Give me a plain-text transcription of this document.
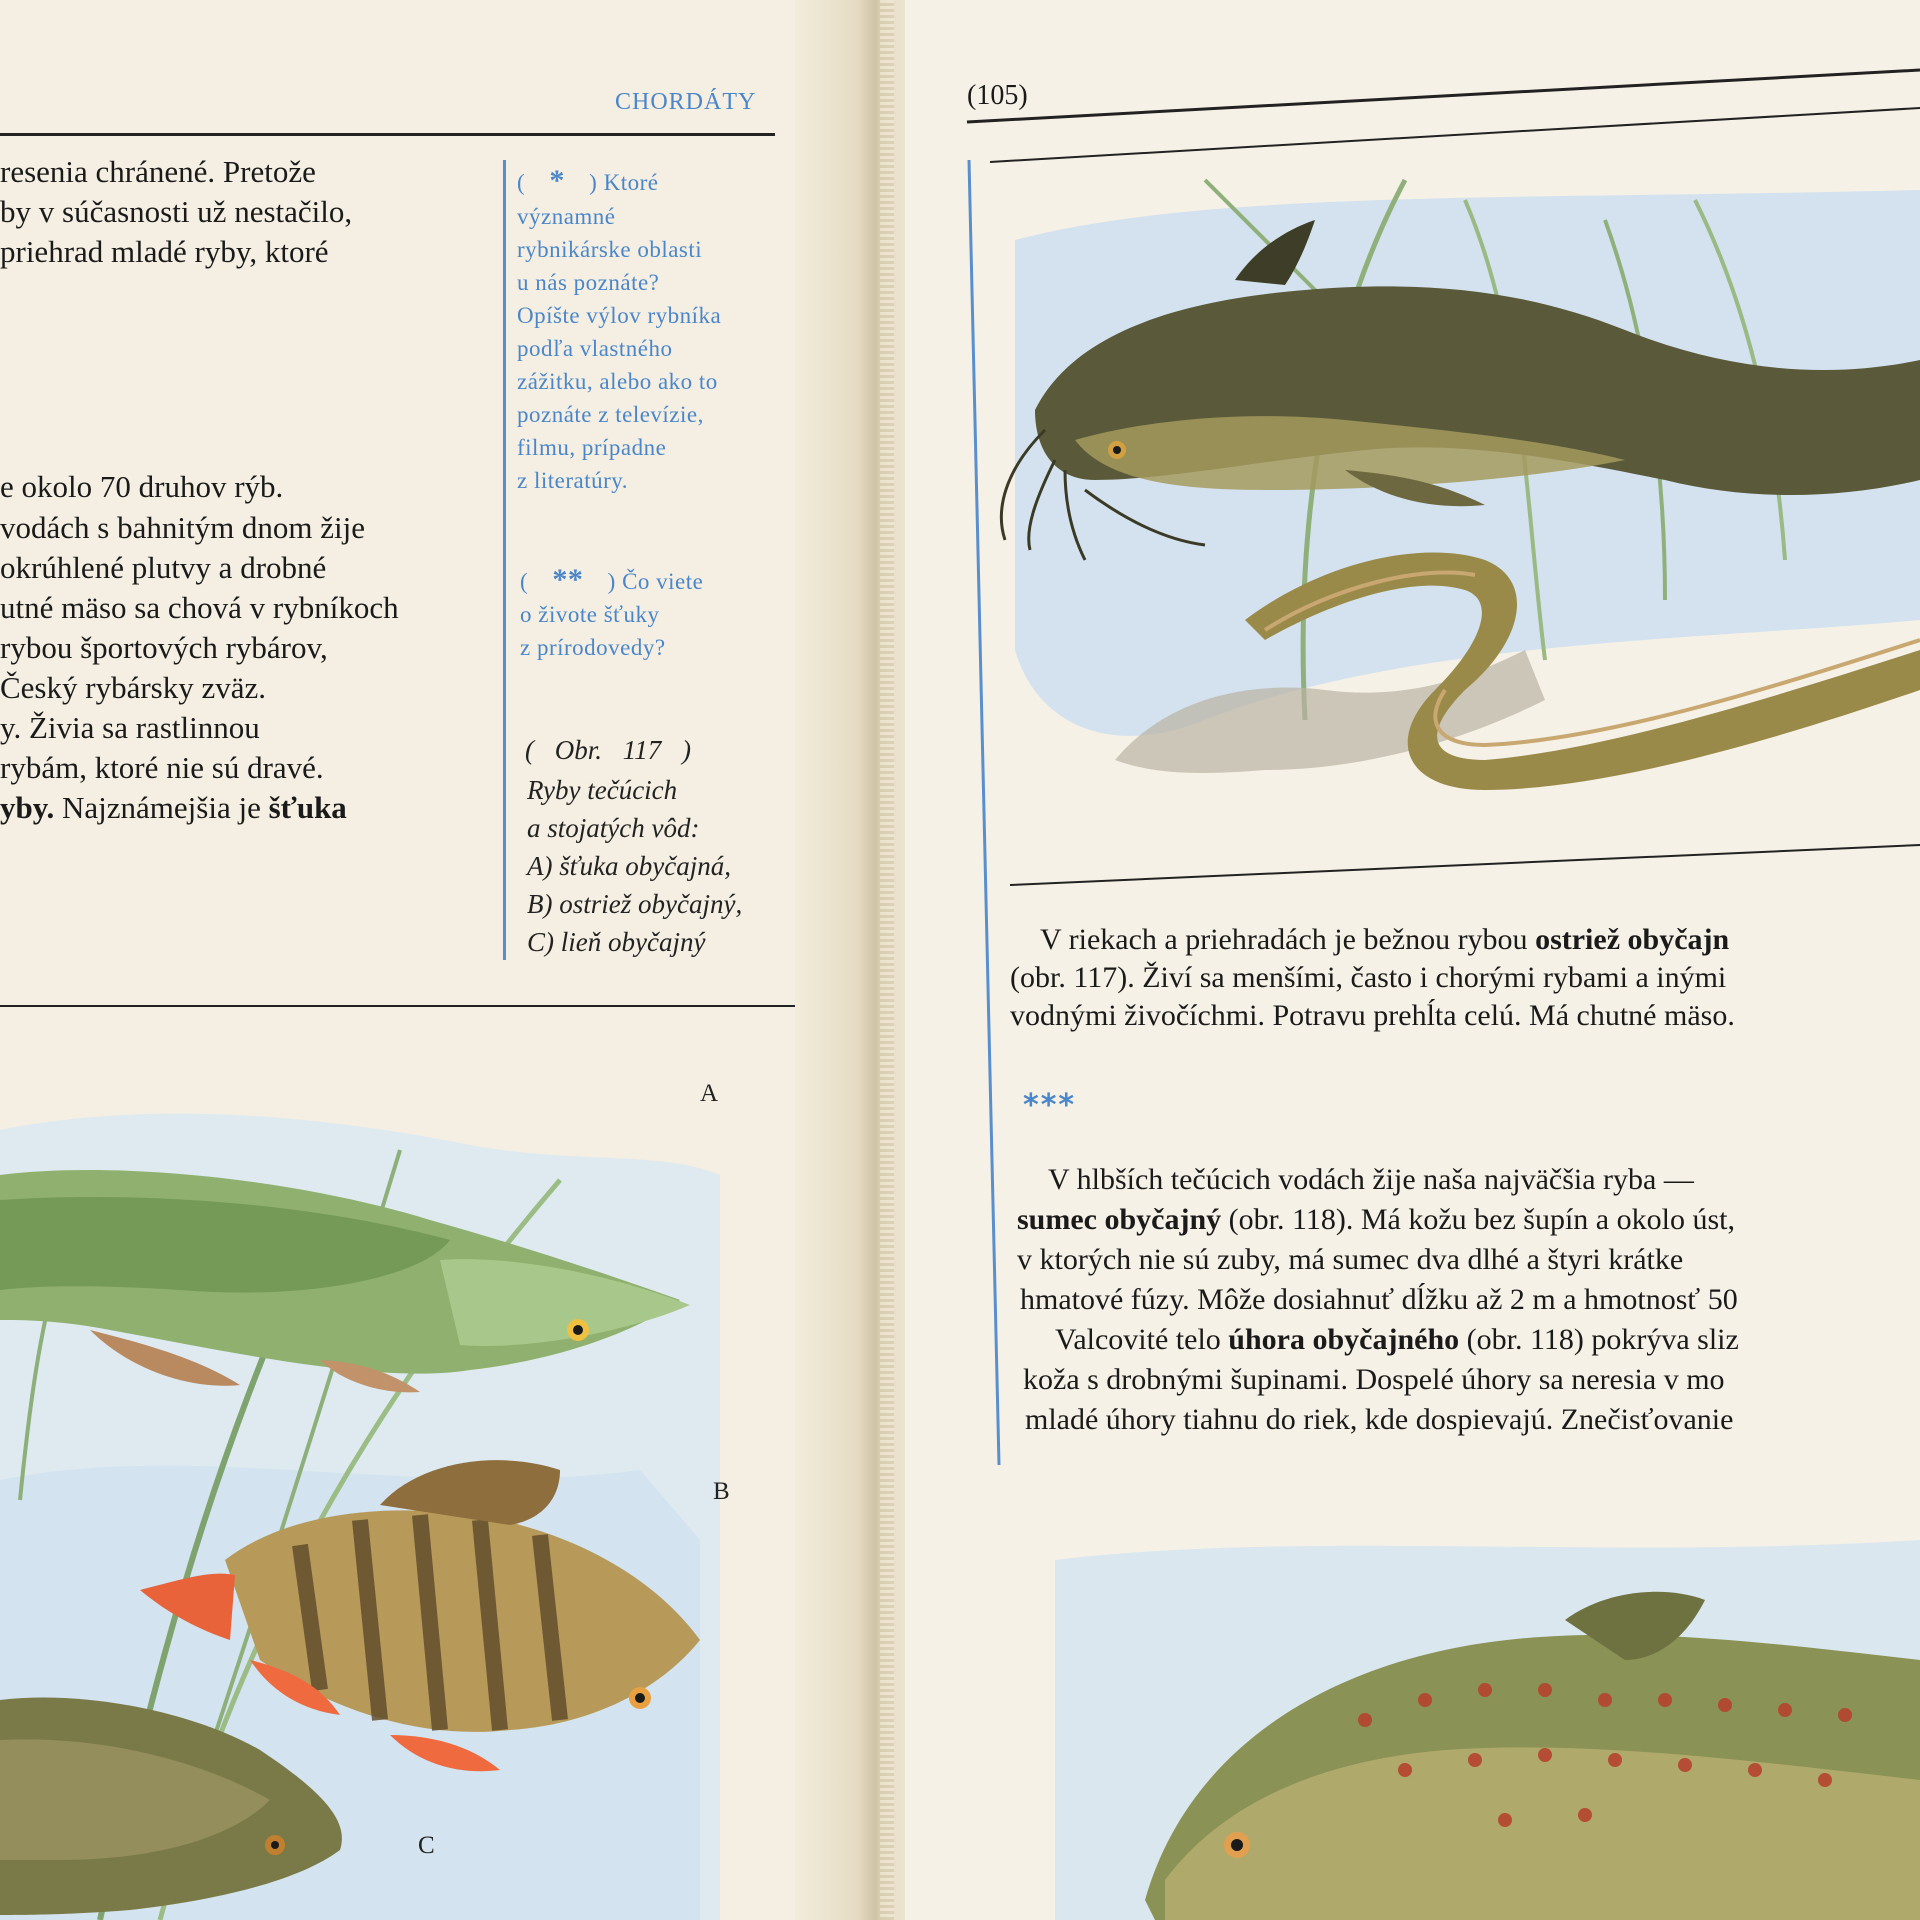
CHORDÁTY
resenia chránené. Pretože
by v súčasnosti už nestačilo,
priehrad mladé ryby, ktoré
e okolo 70 druhov rýb.
vodách s bahnitým dnom žije
okrúhlené plutvy a drobné
utné mäso sa chová v rybníkoch
rybou športových rybárov,
Český rybársky zväz.
y. Živia sa rastlinnou
rybám, ktoré nie sú dravé.
yby. Najznámejšia je šťuka
( * ) Ktoré
významné
rybnikárske oblasti
u nás poznáte?
Opíšte výlov rybníka
podľa vlastného
zážitku, alebo ako to
poznáte z televízie,
filmu, prípadne
z literatúry.
( ** ) Čo viete
o živote šťuky
z prírodovedy?
( Obr. 117 )
Ryby tečúcich
a stojatých vôd:
A) šťuka obyčajná,
B) ostriež obyčajný,
C) lieň obyčajný
A
B
C
(105)
V riekach a priehradách je bežnou rybou ostriež obyčajn
(obr. 117). Živí sa menšími, často i chorými rybami a inými
vodnými živočíchmi. Potravu prehĺta celú. Má chutné mäso.
***
V hlbších tečúcich vodách žije naša najväčšia ryba —
sumec obyčajný (obr. 118). Má kožu bez šupín a okolo úst,
v ktorých nie sú zuby, má sumec dva dlhé a štyri krátke
hmatové fúzy. Môže dosiahnuť dĺžku až 2 m a hmotnosť 50
Valcovité telo úhora obyčajného (obr. 118) pokrýva sliz
koža s drobnými šupinami. Dospelé úhory sa neresia v mo
mladé úhory tiahnu do riek, kde dospievajú. Znečisťovanie
